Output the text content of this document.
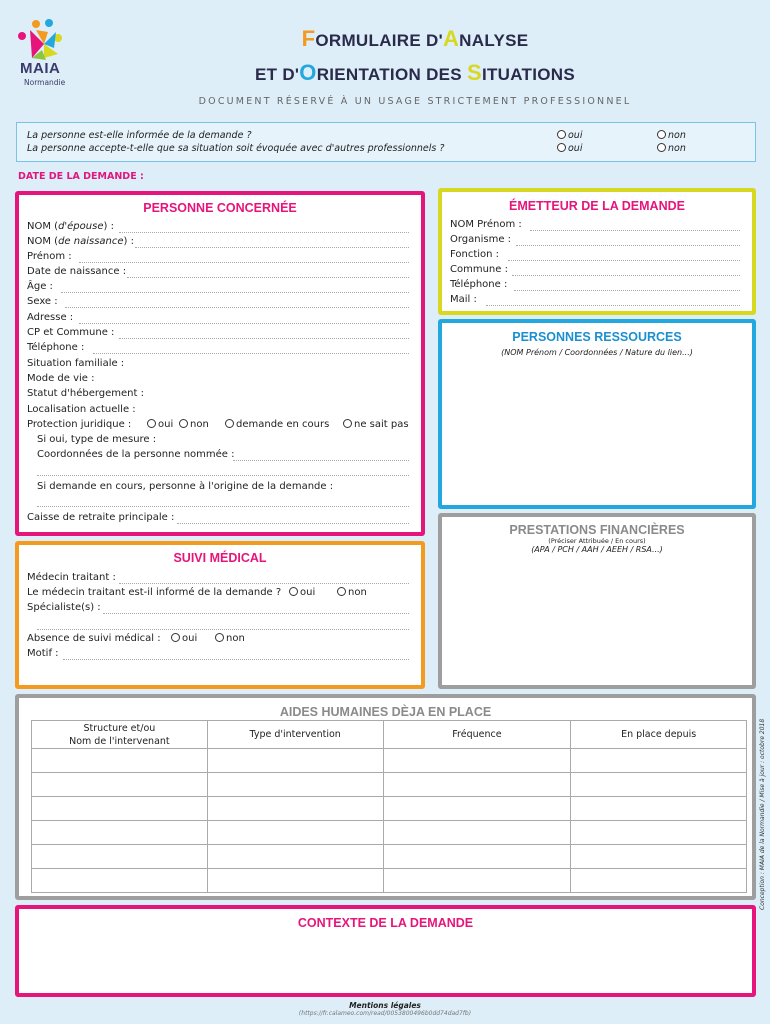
MAIA
Normandie
FORMULAIRE D'ANALYSE
ET D'ORIENTATION DES SITUATIONS
DOCUMENT RÉSERVÉ À UN USAGE STRICTEMENT PROFESSIONNEL
La personne est-elle informée de la demande ?
La personne accepte-t-elle que sa situation soit évoquée avec d'autres professionnels ?
oui	non
oui	non
DATE DE LA DEMANDE :
PERSONNE CONCERNÉE
NOM (d'épouse) :
NOM (de naissance) :
Prénom :
Date de naissance :
Âge :
Sexe :
Adresse :
CP et Commune :
Téléphone :
Situation familiale :
Mode de vie :
Statut d'hébergement :
Localisation actuelle :
Protection juridique :	oui	non	demande en cours	ne sait pas
Si oui, type de mesure :
Coordonnées de la personne nommée :
Si demande en cours, personne à l'origine de la demande :
Caisse de retraite principale :
ÉMETTEUR DE LA DEMANDE
NOM Prénom :
Organisme :
Fonction :
Commune :
Téléphone :
Mail :
PERSONNES RESSOURCES
(NOM Prénom / Coordonnées / Nature du lien...)
PRESTATIONS FINANCIÈRES
(Préciser Attribuée / En cours)
(APA / PCH / AAH / AEEH / RSA...)
SUIVI MÉDICAL
Médecin traitant :
Le médecin traitant est-il informé de la demande ?	oui	non
Spécialiste(s) :
Absence de suivi médical :	oui	non
Motif :
AIDES HUMAINES DÈJA EN PLACE
Structure et/ou
Nom de l'intervenant	Type d'intervention	Fréquence	En place depuis

				Conception : MAIA de la Normandie / Mise à jour : octobre 2018
CONTEXTE DE LA DEMANDE
Mentions légales
(https://fr.calameo.com/read/0053800496b0dd74dad7fb)
